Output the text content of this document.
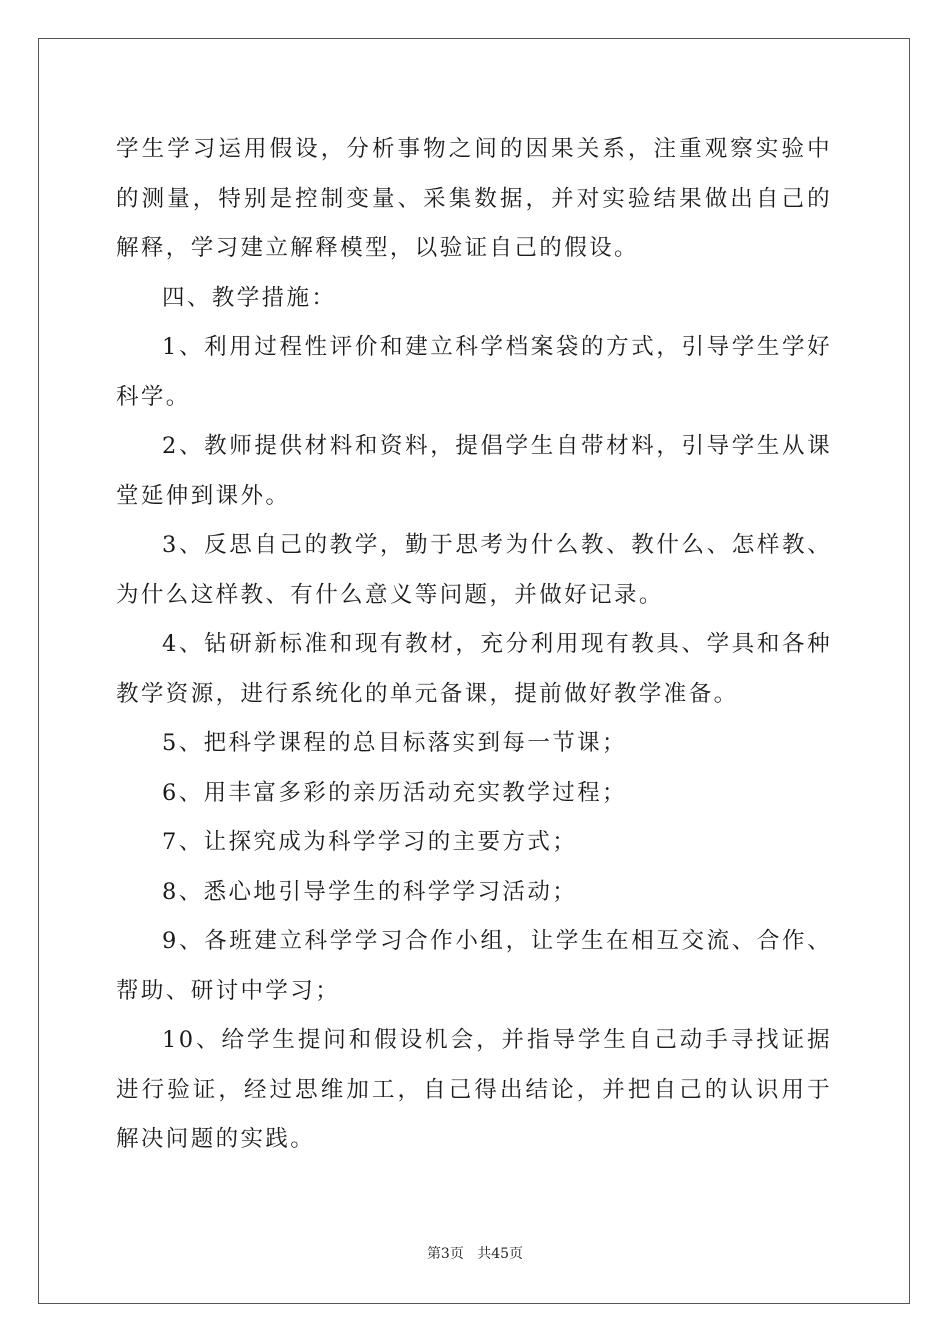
学生学习运用假设，分析事物之间的因果关系，注重观察实验中的测量，特别是控制变量、采集数据，并对实验结果做出自己的解释，学习建立解释模型，以验证自己的假设。

四、教学措施：

1、利用过程性评价和建立科学档案袋的方式，引导学生学好科学。

2、教师提供材料和资料，提倡学生自带材料，引导学生从课堂延伸到课外。

3、反思自己的教学，勤于思考为什么教、教什么、怎样教、为什么这样教、有什么意义等问题，并做好记录。

4、钻研新标准和现有教材，充分利用现有教具、学具和各种教学资源，进行系统化的单元备课，提前做好教学准备。

5、把科学课程的总目标落实到每一节课；

6、用丰富多彩的亲历活动充实教学过程；

7、让探究成为科学学习的主要方式；

8、悉心地引导学生的科学学习活动；

9、各班建立科学学习合作小组，让学生在相互交流、合作、帮助、研讨中学习；

10、给学生提问和假设机会，并指导学生自己动手寻找证据进行验证，经过思维加工，自己得出结论，并把自己的认识用于解决问题的实践。

第3页 共45页
